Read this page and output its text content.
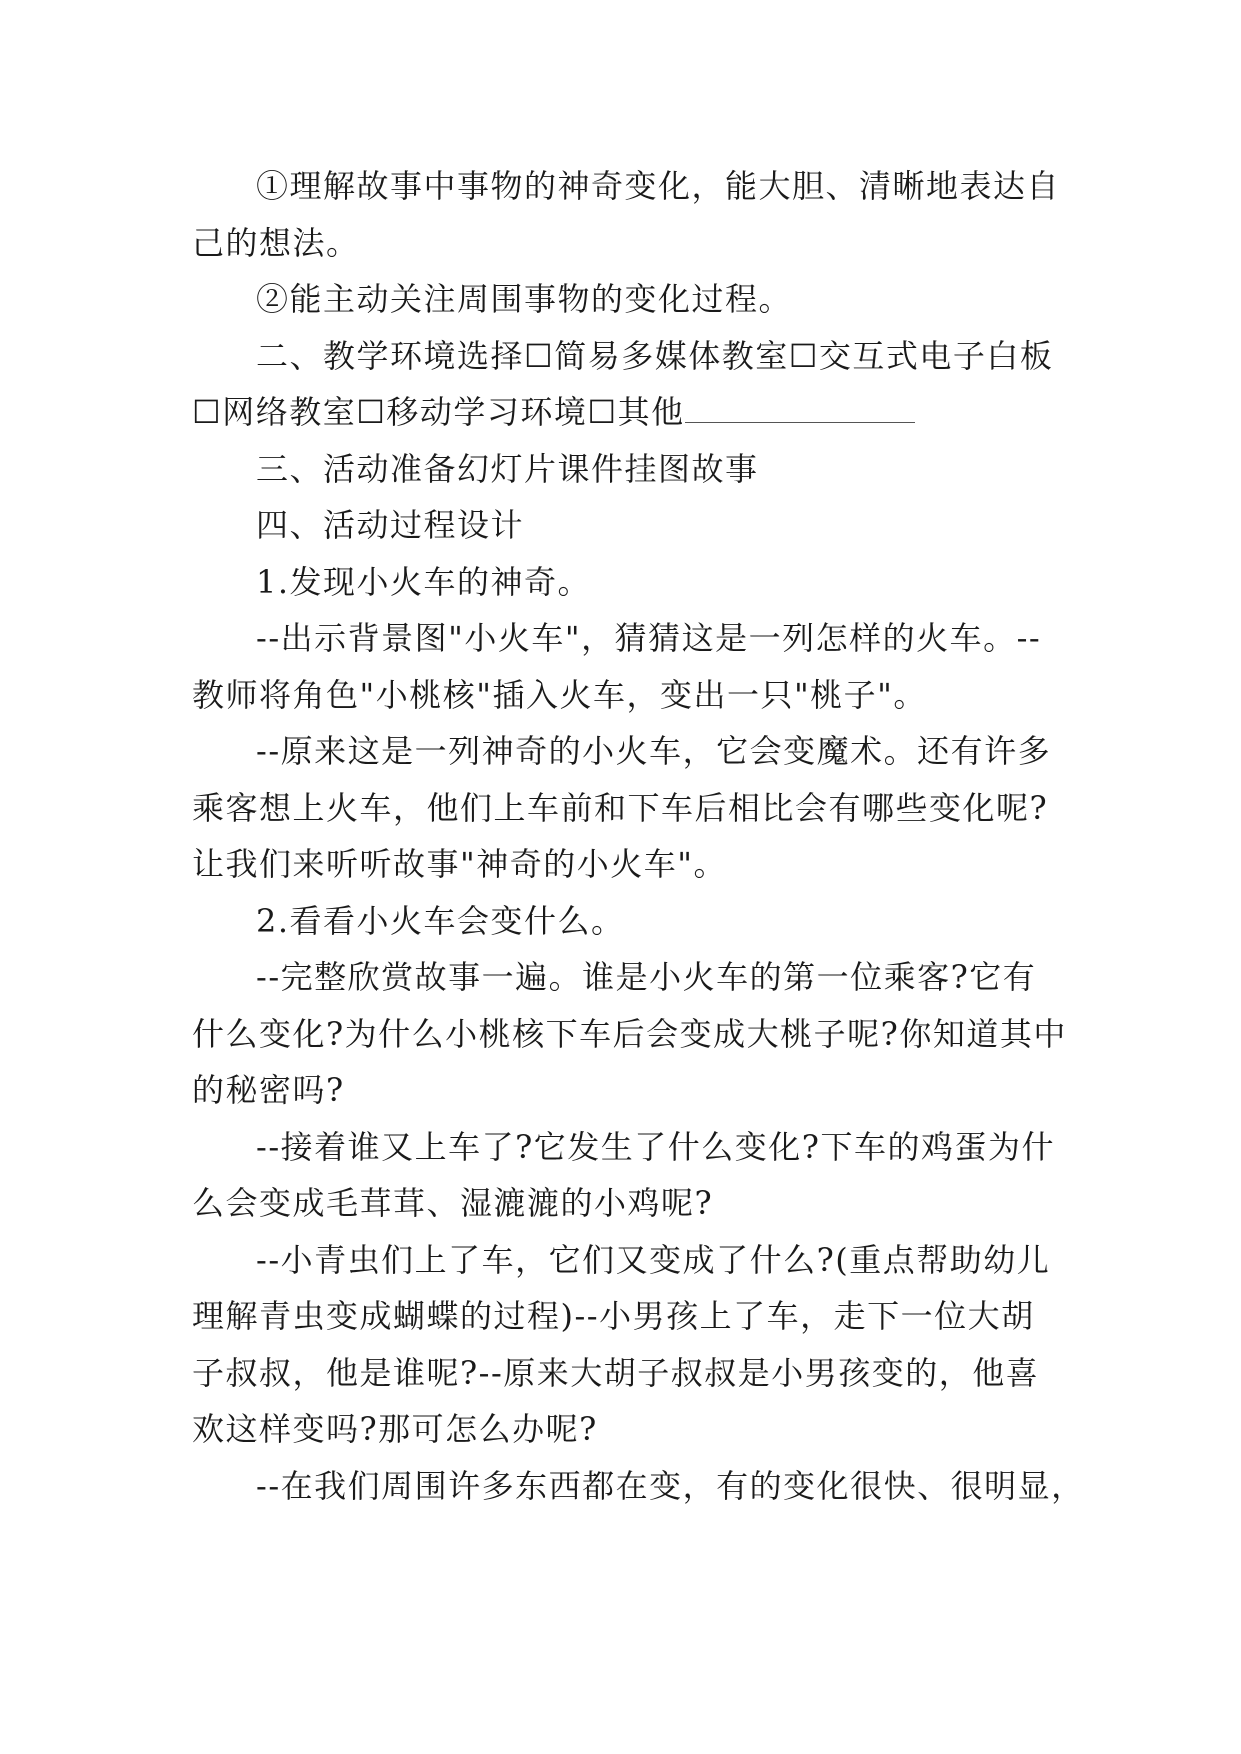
①理解故事中事物的神奇变化，能大胆、清晰地表达自
己的想法。
②能主动关注周围事物的变化过程。
二、教学环境选择☐简易多媒体教室☐交互式电子白板
☐网络教室☐移动学习环境☐其他
三、活动准备幻灯片课件挂图故事
四、活动过程设计
1.发现小火车的神奇。
--出示背景图"小火车"，猜猜这是一列怎样的火车。--
教师将角色"小桃核"插入火车，变出一只"桃子"。
--原来这是一列神奇的小火车，它会变魔术。还有许多
乘客想上火车，他们上车前和下车后相比会有哪些变化呢?
让我们来听听故事"神奇的小火车"。
2.看看小火车会变什么。
--完整欣赏故事一遍。谁是小火车的第一位乘客?它有
什么变化?为什么小桃核下车后会变成大桃子呢?你知道其中
的秘密吗?
--接着谁又上车了?它发生了什么变化?下车的鸡蛋为什
么会变成毛茸茸、湿漉漉的小鸡呢?
--小青虫们上了车，它们又变成了什么?(重点帮助幼儿
理解青虫变成蝴蝶的过程)--小男孩上了车，走下一位大胡
子叔叔，他是谁呢?--原来大胡子叔叔是小男孩变的，他喜
欢这样变吗?那可怎么办呢?
--在我们周围许多东西都在变，有的变化很快、很明显，
